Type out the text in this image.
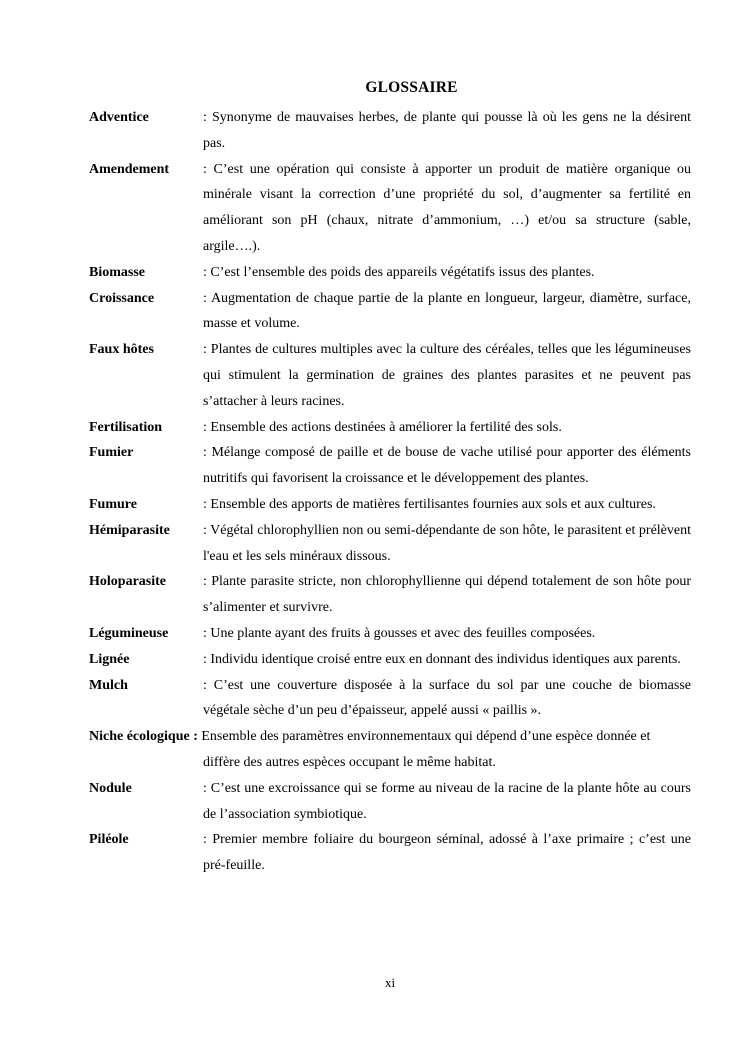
GLOSSAIRE
Adventice	: Synonyme de mauvaises herbes, de plante qui pousse là où les gens ne la désirent pas.
Amendement	: C’est une opération qui consiste à apporter un produit de matière organique ou minérale visant la correction d’une propriété du sol, d’augmenter sa fertilité en améliorant son pH (chaux, nitrate d’ammonium, …) et/ou sa structure (sable, argile….).
Biomasse	: C’est l’ensemble des poids des appareils végétatifs issus des plantes.
Croissance	: Augmentation de chaque partie de la plante en longueur, largeur, diamètre, surface, masse et volume.
Faux hôtes	: Plantes de cultures multiples avec la culture des céréales, telles que les légumineuses qui stimulent la germination de graines des plantes parasites et ne peuvent pas s’attacher à leurs racines.
Fertilisation	: Ensemble des actions destinées à améliorer la fertilité des sols.
Fumier	: Mélange composé de paille et de bouse de vache utilisé pour apporter des éléments nutritifs qui favorisent la croissance et le développement des plantes.
Fumure	: Ensemble des apports de matières fertilisantes fournies aux sols et aux cultures.
Hémiparasite	: Végétal chlorophyllien non ou semi-dépendante de son hôte, le parasitent et prélèvent l'eau et les sels minéraux dissous.
Holoparasite	: Plante parasite stricte, non chlorophyllienne qui dépend totalement de son hôte pour s’alimenter et survivre.
Légumineuse	: Une plante ayant des fruits à gousses et avec des feuilles composées.
Lignée	: Individu identique croisé entre eux en donnant des individus identiques aux parents.
Mulch	: C’est une couverture disposée à la surface du sol par une couche de biomasse végétale sèche d’un peu d’épaisseur, appelé aussi « paillis ».
Niche écologique : Ensemble des paramètres environnementaux qui dépend d’une espèce donnée et
diffère des autres espèces occupant le même habitat.
Nodule	: C’est une excroissance qui se forme au niveau de la racine de la plante hôte au cours de l’association symbiotique.
Piléole	: Premier membre foliaire du bourgeon séminal, adossé à l’axe primaire ; c’est une pré-feuille.
xi
